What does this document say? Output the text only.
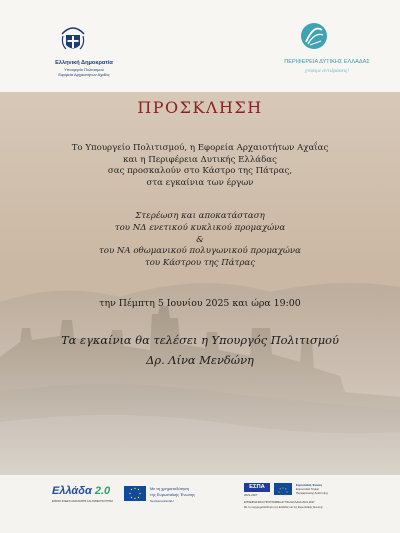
Ελληνική Δημοκρατία
Υπουργείο Πολιτισμού
Εφορεία Αρχαιοτήτων Αχαΐας
ΠΕΡΙΦΕΡΕΙΑ ΔΥΤΙΚΗΣ ΕΛΛΑΔΑΣ
χτίσαμε αντιδράσεις!
ΠΡΟΣΚΛΗΣΗ
Το Υπουργείο Πολιτισμού, η Εφορεία Αρχαιοτήτων Αχαΐας
και η Περιφέρεια Δυτικής Ελλάδας
σας προσκαλούν στο Κάστρο της Πάτρας,
στα εγκαίνια των έργων
Στερέωση και αποκατάσταση
του ΝΔ ενετικού κυκλικού προμαχώνα
&
του ΝΑ οθωμανικού πολυγωνικού προμαχώνα
του Κάστρου της Πάτρας
την Πέμπτη 5 Ιουνίου 2025 και ώρα 19:00
Τα εγκαίνια θα τελέσει η Υπουργός Πολιτισμού
Δρ. Λίνα Μενδώνη
Ελλάδα 2.0
ΕΘΝΙΚΟ ΣΧΕΔΙΟ ΑΝΑΚΑΜΨΗΣ ΚΑΙ ΑΝΘΕΚΤΙΚΟΤΗΤΑΣ
Με τη χρηματοδότηση
της Ευρωπαϊκής Ένωσης
NextGenerationEU
ΕΣΠΑ
2021-2027
Ευρωπαϊκή Ένωση
Ευρωπαϊκό Ταμείο
Περιφερειακής Ανάπτυξης
ΕΠΙΧΕΙΡΗΣΙΑΚΟ ΠΡΟΓΡΑΜΜΑ ΔΥΤΙΚΗ ΕΛΛΑΔΑ 2021-2027
Με τη συγχρηματοδότηση της Ελλάδας και της Ευρωπαϊκής Ένωσης
